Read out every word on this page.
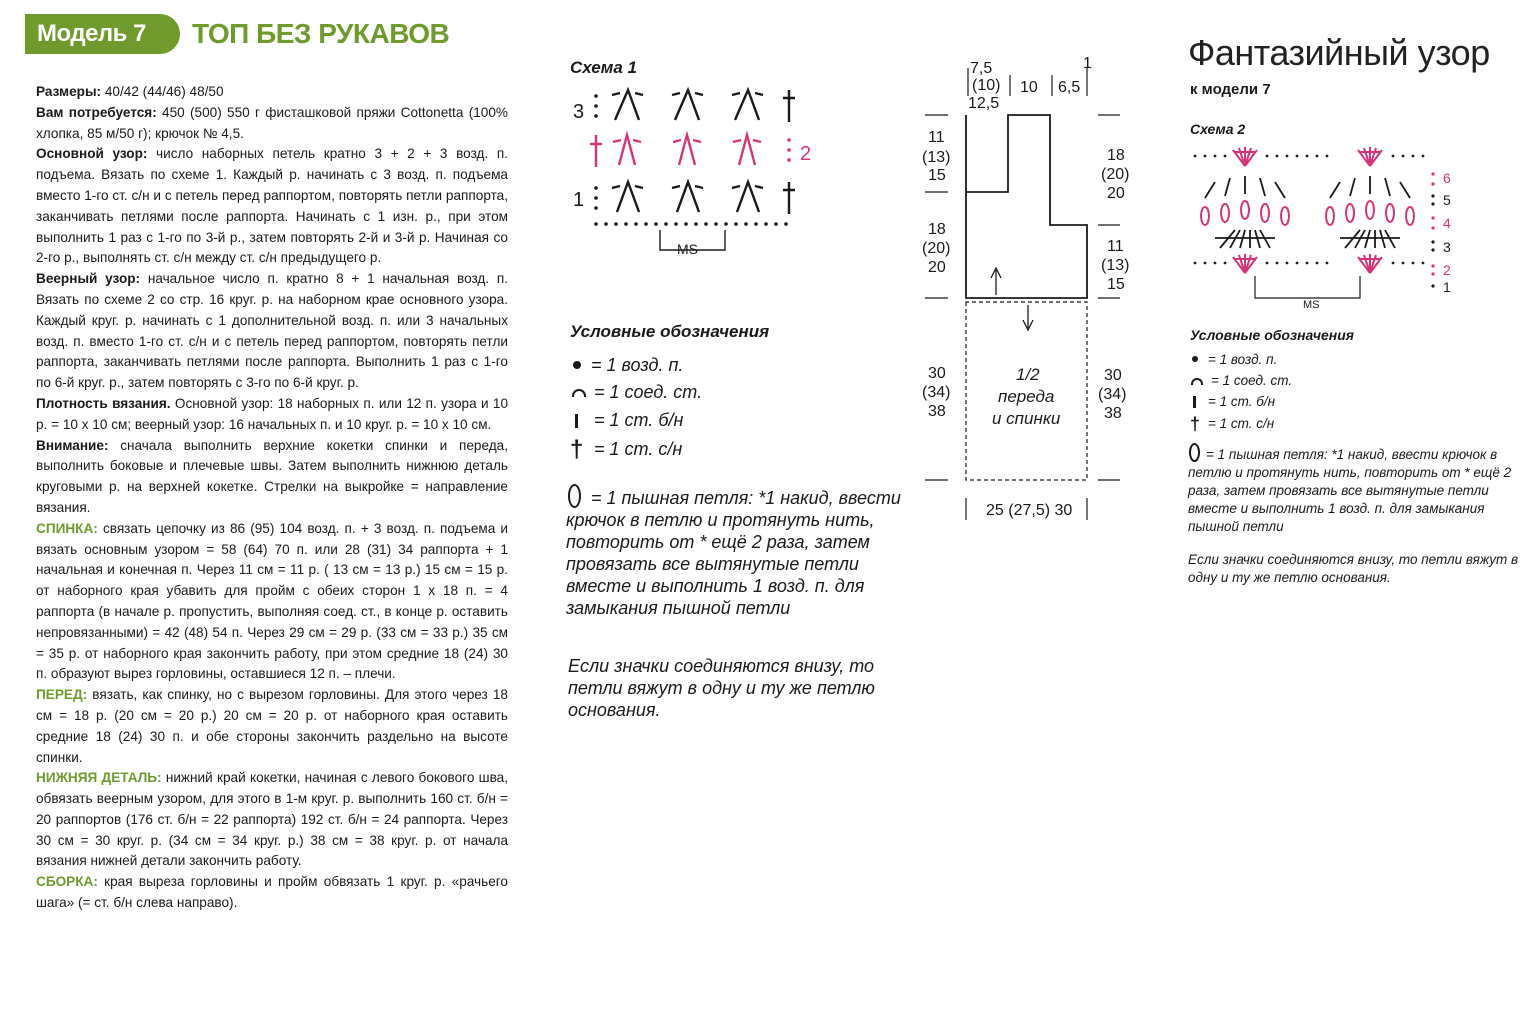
Модель 7	ТОП БЕЗ РУКАВОВ

Размеры: 40/42 (44/46) 48/50

Вам потребуется: 450 (500) 550 г фисташковой пряжи Cottonetta (100% хлопка, 85 м/50 г); крючок № 4,5.

Основной узор: число наборных петель кратно 3 + 2 + 3 возд. п. подъема. Вязать по схеме 1. Каждый р. начинать с 3 возд. п. подъема вместо 1-го ст. с/н и с петель перед раппортом, повторять петли раппорта, заканчивать петлями после раппорта. Начинать с 1 изн. р., при этом выполнить 1 раз с 1-го по 3-й р., затем повторять 2-й и 3-й р. Начиная со 2-го р., выполнять ст. с/н между ст. с/н предыдущего р.

Веерный узор: начальное число п. кратно 8 + 1 начальная возд. п. Вязать по схеме 2 со стр. 16 круг. р. на наборном крае основного узора. Каждый круг. р. начинать с 1 дополнительной возд. п. или 3 начальных возд. п. вместо 1-го ст. с/н и с петель перед раппортом, повторять петли раппорта, заканчивать петлями после раппорта. Выполнить 1 раз с 1-го по 6-й круг. р., затем повторять с 3-го по 6-й круг. р.

Плотность вязания. Основной узор: 18 наборных п. или 12 п. узора и 10 р. = 10 х 10 см; веерный узор: 16 начальных п. и 10 круг. р. = 10 х 10 см.

Внимание: сначала выполнить верхние кокетки спинки и переда, выполнить боковые и плечевые швы. Затем выполнить нижнюю деталь круговыми р. на верхней кокетке. Стрелки на выкройке = направление вязания.

СПИНКА: связать цепочку из 86 (95) 104 возд. п. + 3 возд. п. подъема и вязать основным узором = 58 (64) 70 п. или 28 (31) 34 раппорта + 1 начальная и конечная п. Через 11 см = 11 р. ( 13 см = 13 р.) 15 см = 15 р. от наборного края убавить для пройм с обеих сторон 1 х 18 п. = 4 раппорта (в начале р. пропустить, выполняя соед. ст., в конце р. оставить непровязанными) = 42 (48) 54 п. Через 29 см = 29 р. (33 см = 33 р.) 35 см = 35 р. от наборного края закончить работу, при этом средние 18 (24) 30 п. образуют вырез горловины, оставшиеся 12 п. – плечи.

ПЕРЕД: вязать, как спинку, но с вырезом горловины. Для этого через 18 см = 18 р. (20 см = 20 р.) 20 см = 20 р. от наборного края оставить средние 18 (24) 30 п. и обе стороны закончить раздельно на высоте спинки.

НИЖНЯЯ ДЕТАЛЬ: нижний край кокетки, начиная с левого бокового шва, обвязать веерным узором, для этого в 1-м круг. р. выполнить 160 ст. б/н = 20 раппортов (176 ст. б/н = 22 раппорта) 192 ст. б/н = 24 раппорта. Через 30 см = 30 круг. р. (34 см = 34 круг. р.) 38 см = 38 круг. р. от начала вязания нижней детали закончить работу.

СБОРКА: края выреза горловины и пройм обвязать 1 круг. р. «рачьего шага» (= ст. б/н слева направо).

Схема 1
3
2
1
MS
Условные обозначения
= 1 возд. п.
= 1 соед. ст.
= 1 ст. б/н
† = 1 ст. с/н
= 1 пышная петля: *1 накид, ввести крючок в петлю и протянуть нить, повторить от * ещё 2 раза, затем провязать все вытянутые петли вместе и выполнить 1 возд. п. для замыкания пышной петли
Если значки соединяются внизу, то петли вяжут в одну и ту же петлю основания.
7,5
(10)
12,5
10
1
6,5
11
(13)
15
18
(20)
20
30
(34)
38
18
(20)
20
11
(13)
15
30
(34)
38
1/2
переда
и спинки
25 (27,5) 30
Фантазийный узор
к модели 7
Схема 2
MS
6
5
4
3
2
1
Условные обозначения
= 1 возд. п.
= 1 соед. ст.
= 1 ст. б/н
† = 1 ст. с/н
= 1 пышная петля: *1 накид, ввести крючок в петлю и протянуть нить, повторить от * ещё 2 раза, затем провязать все вытянутые петли вместе и выполнить 1 возд. п. для замыкания пышной петли
Если значки соединяются внизу, то петли вяжут в одну и ту же петлю основания.
